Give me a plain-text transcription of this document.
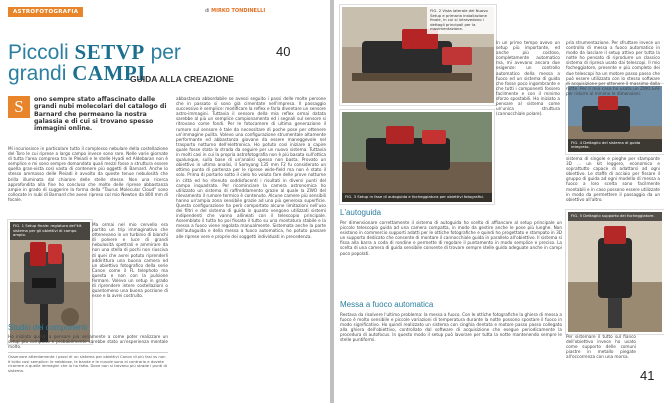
ASTROFOTOGRAFIA	di MIRKO TONDINELLI
40
Piccoli SETVP per
grandi CAMPI
GUIDA ALLA CREAZIONE
S	ono sempre stato affascinato dalle grandi nubi molecolari del catalogo di Barnard che permeano la nostra galassia e di cui si trovano spesso immagini online.

Mi incuriosisce in particolare tutto il complesso nebulare della costellazione del Toro le cui riprese a largo campo invece sono rare. Nelle varie giornate di tutta l'area compresa tra le Pleiadi e le stelle Hyadi ed Aldebaran non è semplice e mi sono sempre domandato quali mezzi fosse a struttura essere quella gran-vista così vasta di contenere più oggetti di Barnard. Anche lo stesso ammasso delle Pleiadi è avvolto da queste tenue nebulosità che brilla illuminata dal chiarore delle stelle stesse. Non una ricerca approfondita alla fine ho concluso che molte delle riprese abbastanza ampie in grado di suggerire la forma della "Taurus Molecular Cloud" sono collocate in nubi di Barnard che avevi ripreso col mio Newton da 800 mm di focale.

FIG. 1 Setup finale: reglatura del"kit sistema per gli obiettivi di campo ampio.

Ma ormai nel mio cervello era partito un trip immaginativo che ottenevano in un turbinio di bianchi di polvere e luce di grandi nebulosità spettrali e ammirare da non una stella di pochi non riusciva di quei che avrei potuto riprenderli addirittura una buona camera ed un obiettivo fotografico della serie Canon come il FL telephoto ma questa e non con la pulsione fermare. Volevo un setup in grado di riprendere intere costellazioni o quantomeno una buona porzione di esse e la avrei costruito.

Studio dei componenti

Ho iniziato quindi a pensare più seriamente a come poter realizzare un setup più compatto e probabilmente sarebbe stato un'esperienza mentale molto.

Osservare attentamente i pezzi di un sistema per obiettivi Canon di più fasi vs non è tutto così semplice: le nebbiose, le bande e le nuvole sono al contrario e dovete ricorrere a quelle immagini che io ho fatto. Dove non si trovano più strade i punti di sistema.

abbastanza abbordabile se avessi seguito i passi delle molte persone che in passato si sono già cimentate nell'impresa. Il passaggio successivo è semplice: modificare la reflex e farla diventare un sensore astro-immagini. Tuttavia il sensore della mia reflex ormai datata sarebbe al più un semplice campionamento ed i segnali sul sensore si ritrovano come fondi. Per le fotocamere di ultima generazione il rumore sul sensore è tale da necessitare di poche pose per ottenere un'immagine pulita. Volevo una configurazione strumentale altamente performante ed abbastanza giovane da essere maneggevole nel trasporto notturno dell'elettronica. Ho potuto così iniziare a capire quale fosse stata la strada da seguire per un nuovo sistema. Tuttavia in molti casi in cui la propria astrofotografia non è più basata sull'ottica qualunque, sulla base di un'analisi spesso non basta. Provato un obiettivo in ultima analisi, il Samyang 135 mm F2 fu considerato un ottimo punto di partenza per le riprese wide-field ma non è stato il solo. Prima di portarlo sotto il cielo ho voluto fare delle prove notturne in città ed ho ritenuto soddisfacenti i risultati in diversi punti del campo inquadrato. Per ricominciare la camera astronomica ho utilizzato un sistema di raffreddamento grazie al quale la ZWO del rilevamento il rumore termico è contenuto. Alcune camere più sensibili hanno un'ampia zona sensibile grazie ad una più generosa superficie. Questa configurazione ha però comportato alcune limitazioni nell'uso dei filtri e del sistema di guida in quanto vengono utilizzati sistemi indipendenti che vanno allineati con il telescopio principale. Assemblato il tutto ho poi fissato il tutto su una montatura stabile e la messa a fuoco viene regolata manualmente. Sistemata anche la parte dell'autoguida e della messa a fuoco automatica, ho potuto passare alle riprese vere e proprie dei soggetti individuati in precedenza.

FIG. 2 Vista laterale del Nuovo Setup e primaria installazione finale, in cui si intravedono i dettagli principali per la movimentazione.

In un primo tempo avevo un setup più importante, ed anche più costoso, completamente automatico ma, mi avevano ancora due esigenze: un controllo automatico della messa a fuoco ed un sistema di guida che fosse poco ingombrante e che tutti i componenti fossero facilmente e con il minimo sforzo spostabili. Ho iniziato a pensare al sistema come un'unica struttura (cannocchiale polare).

FIG. 4 Dettaglio del sistema di guida integrato.

pria strumentazione. Per sfruttare invece un controllo di messa a fuoco automatico in modo da lasciare il setup attivo per tutta la notte ho pensato di riprodurre un classico sistema di ripresa usato dai telescopi. Il mio focheggiatore, presente e più completo dei due telescopi ha un motore passo passo che può essere utilizzato con lo stesso software di acquisizione per ottenere il massimo dalla notte. Per il mio caso ho usato un ZWO EAF per ridurre al minimo le dimensioni.

FIG. 3 Setup in fase di autoguida e focheggiatura per obiettivi fotografici.

sistema di singole e pieghe per stampante 3D ... un kit leggero, economico e soprattutto capace di adattarsi ad ogni obiettivo. Le staffe di acciaio per fissare il gruppo di guida ad ogni modello di messa a fuoco a loro scelta sono facilmente montabili e in caso possono essere utilizzate in modo da permettere il passaggio da un obiettivo all'altro.

L'autoguida

Per dimensionare correttamente il sistema di autoguida ho scelto di affiancare al setup principale un piccolo telescopio guida ad una camera compatta, in modo da gestire anche le pose più lunghe. Non esistono in commercio supporti adatti per le ottiche fotografiche e quindi ho progettato e stampato in 3D un supporto dedicato che consente di montare il cannocchiale guida in parallelo all'obiettivo. Il sistema si fissa alla barra a coda di rondine e permette di regolare il puntamento in modo semplice e preciso. La scelta di una camera di guida sensibile consente di trovare sempre stelle guida adeguate anche in campi poco popolati.

Messa a fuoco automatica

Restava da risolvere l'ultimo problema: la messa a fuoco. Con le ottiche fotografiche la ghiera di messa a fuoco è molto sensibile e piccole variazioni di temperatura durante la notte possono spostare il fuoco in modo significativo. Ho quindi realizzato un sistema con cinghia dentata e motore passo passo collegato alla ghiera dell'obiettivo, controllato dal software di acquisizione che esegue periodicamente la procedura di autofocus. In questo modo il setup può lavorare per tutta la notte mantenendo sempre le stelle puntiformi.

FIG. 5 Dettaglio supporto dei focheggiatore.

Per sistemare il tutto sul fianco dell'obiettivo invece ho usato come supporto delle comuni piastre in metallo piegate all'occorrenza con una morsa.

41
